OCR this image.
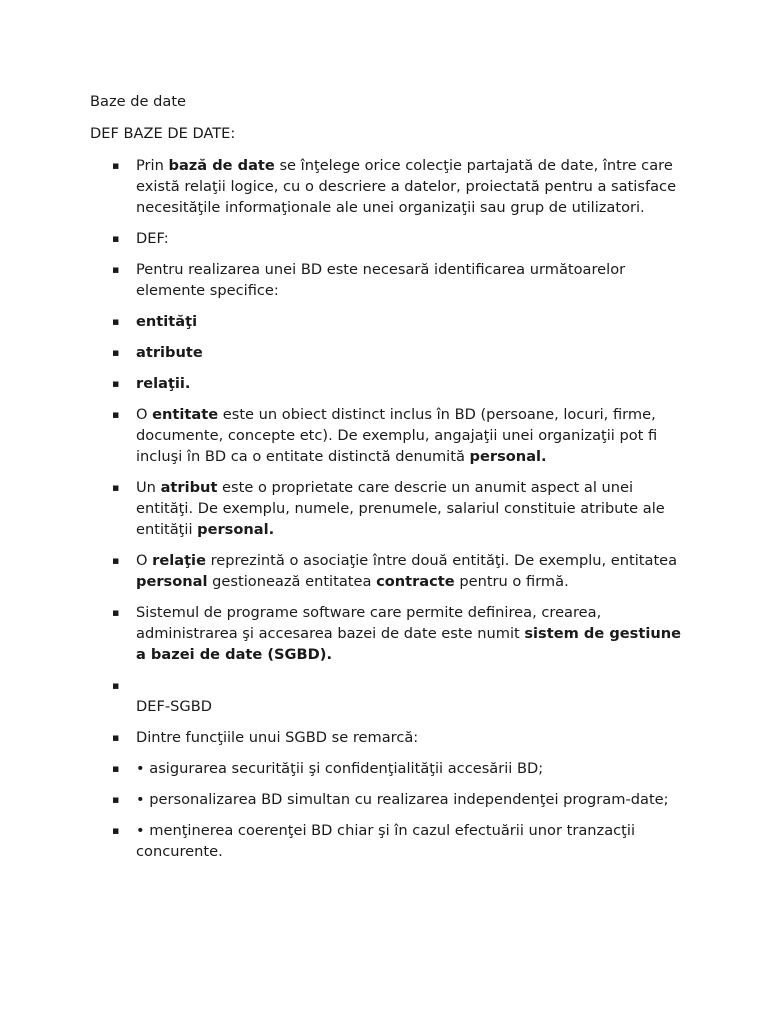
Baze de date
DEF BAZE DE DATE:
▪ Prin bază de date se înţelege orice colecţie partajată de date, între care există relaţii logice, cu o descriere a datelor, proiectată pentru a satisface necesităţile informaţionale ale unei organizaţii sau grup de utilizatori.
▪ DEF:
▪ Pentru realizarea unei BD este necesară identificarea următoarelor elemente specifice:
▪ entităţi
▪ atribute
▪ relaţii.
▪ O entitate este un obiect distinct inclus în BD (persoane, locuri, firme, documente, concepte etc). De exemplu, angajaţii unei organizaţii pot fi incluşi în BD ca o entitate distinctă denumită personal.
▪ Un atribut este o proprietate care descrie un anumit aspect al unei entităţi. De exemplu, numele, prenumele, salariul constituie atribute ale entităţii personal.
▪ O relaţie reprezintă o asociaţie între două entităţi. De exemplu, entitatea personal gestionează entitatea contracte pentru o firmă.
▪ Sistemul de programe software care permite definirea, crearea, administrarea şi accesarea bazei de date este numit sistem de gestiune a bazei de date (SGBD).
▪
DEF-SGBD
▪ Dintre funcţiile unui SGBD se remarcă:
▪ • asigurarea securităţii şi confidenţialităţii accesării BD;
▪ • personalizarea BD simultan cu realizarea independenţei program-date;
▪ • menţinerea coerenţei BD chiar şi în cazul efectuării unor tranzacţii concurente.
